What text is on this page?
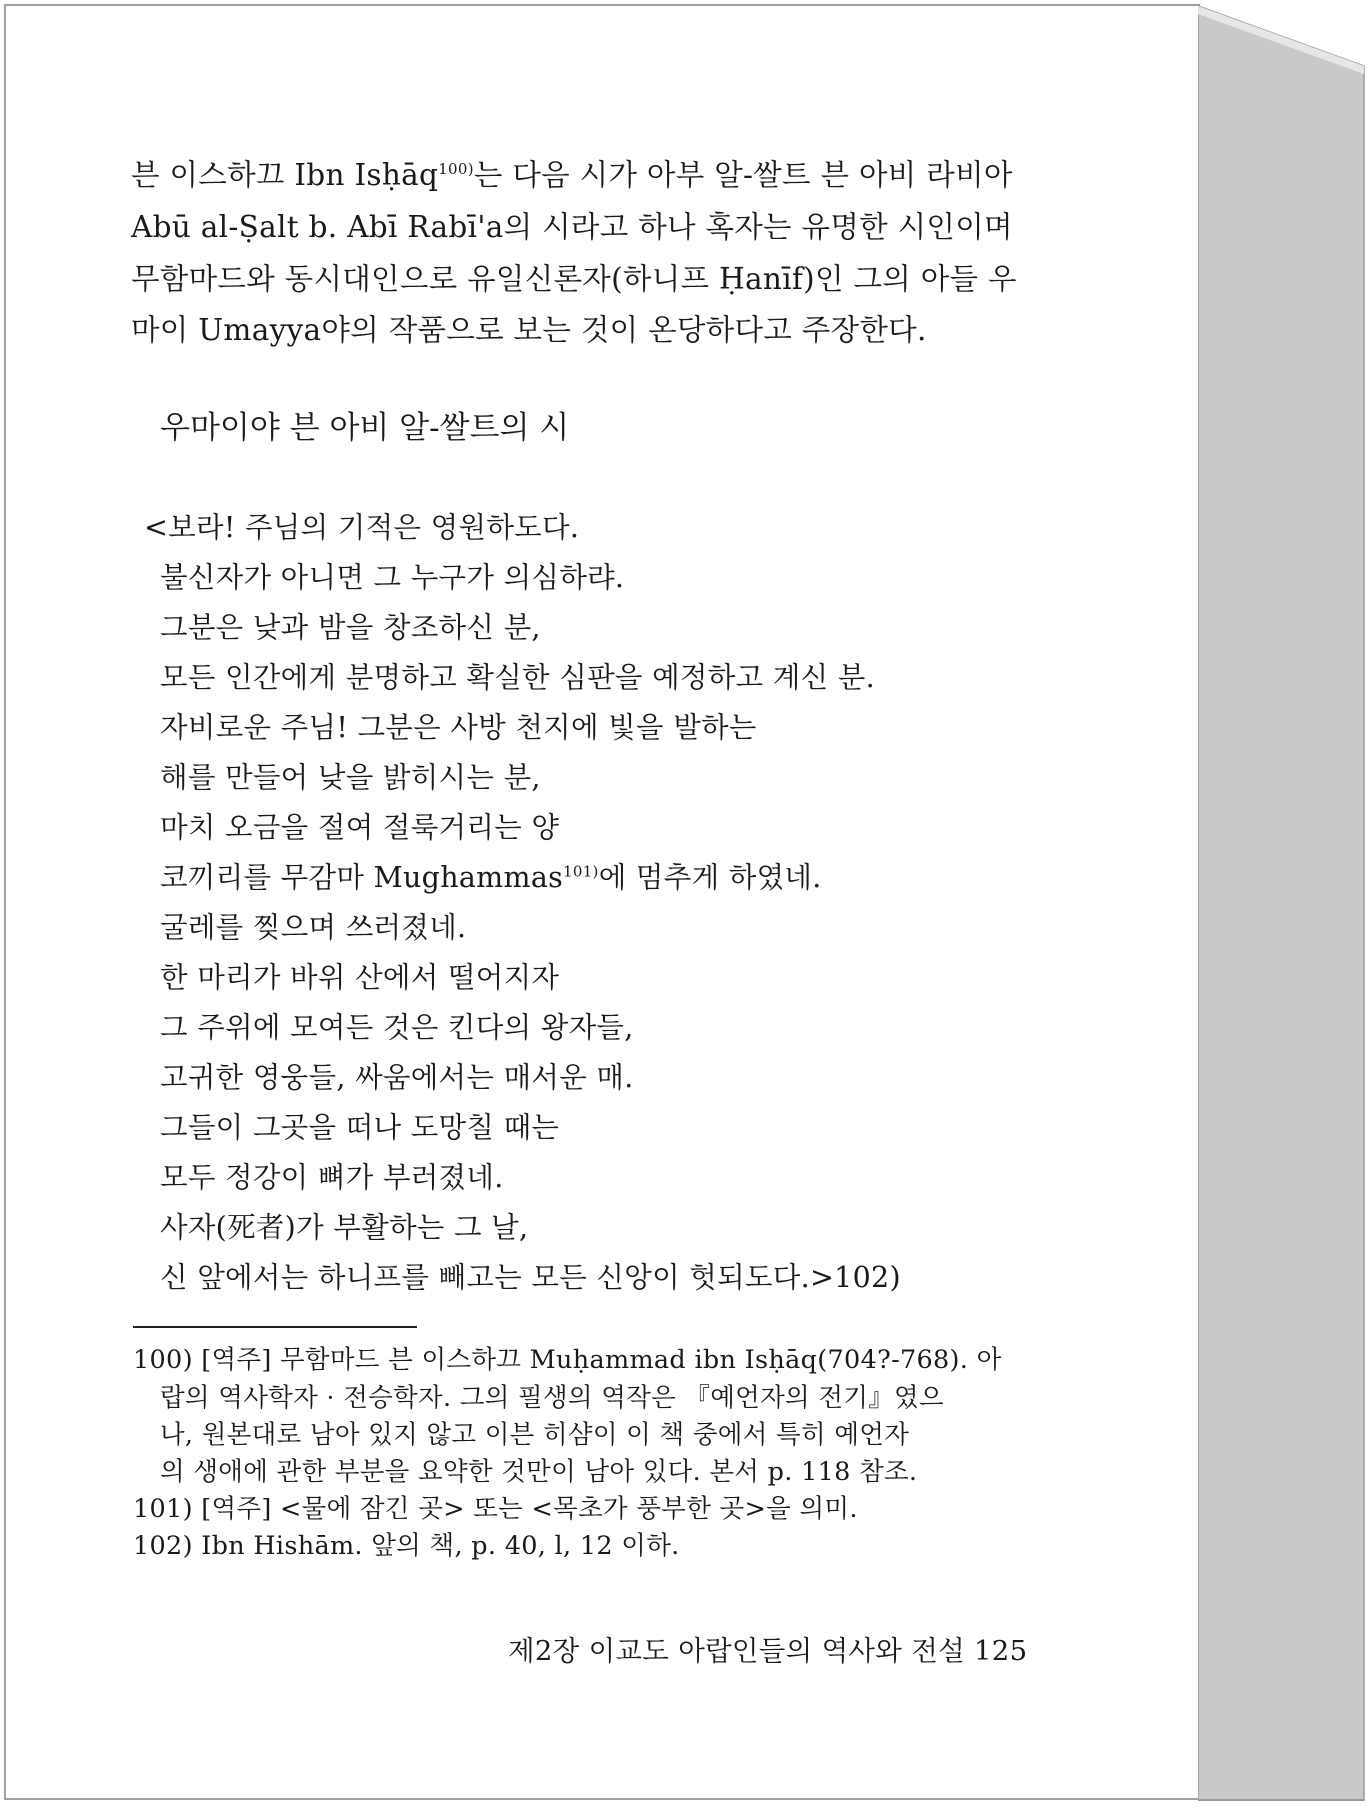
븐 이스하끄 Ibn Isḥāq$^{100)}$는 다음 시가 아부 알-쌀트 븐 아비 라비아
Abū al-Ṣalt b. Abī Rabī'a의 시라고 하나 혹자는 유명한 시인이며
무함마드와 동시대인으로 유일신론자(하니프 Ḥanīf)인 그의 아들 우
마이 Umayya야의 작품으로 보는 것이 온당하다고 주장한다.
우마이야 븐 아비 알-쌀트의 시
<보라! 주님의 기적은 영원하도다.
불신자가 아니면 그 누구가 의심하랴.
그분은 낮과 밤을 창조하신 분,
모든 인간에게 분명하고 확실한 심판을 예정하고 계신 분.
자비로운 주님! 그분은 사방 천지에 빛을 발하는
해를 만들어 낮을 밝히시는 분,
마치 오금을 절여 절룩거리는 양
코끼리를 무감마 Mughammas$^{101)}$에 멈추게 하였네.
굴레를 찢으며 쓰러졌네.
한 마리가 바위 산에서 떨어지자
그 주위에 모여든 것은 킨다의 왕자들,
고귀한 영웅들, 싸움에서는 매서운 매.
그들이 그곳을 떠나 도망칠 때는
모두 정강이 뼈가 부러졌네.
사자(死者)가 부활하는 그 날,
신 앞에서는 하니프를 빼고는 모든 신앙이 헛되도다.>102)
100) [역주] 무함마드 븐 이스하끄 Muḥammad ibn Isḥāq(704?-768). 아
랍의 역사학자 · 전승학자. 그의 필생의 역작은 『예언자의 전기』였으
나, 원본대로 남아 있지 않고 이븐 히샴이 이 책 중에서 특히 예언자
의 생애에 관한 부분을 요약한 것만이 남아 있다. 본서 p. 118 참조.
101) [역주] <물에 잠긴 곳> 또는 <목초가 풍부한 곳>을 의미.
102) Ibn Hishām. 앞의 책, p. 40, l, 12 이하.
제2장 이교도 아랍인들의 역사와 전설 125
